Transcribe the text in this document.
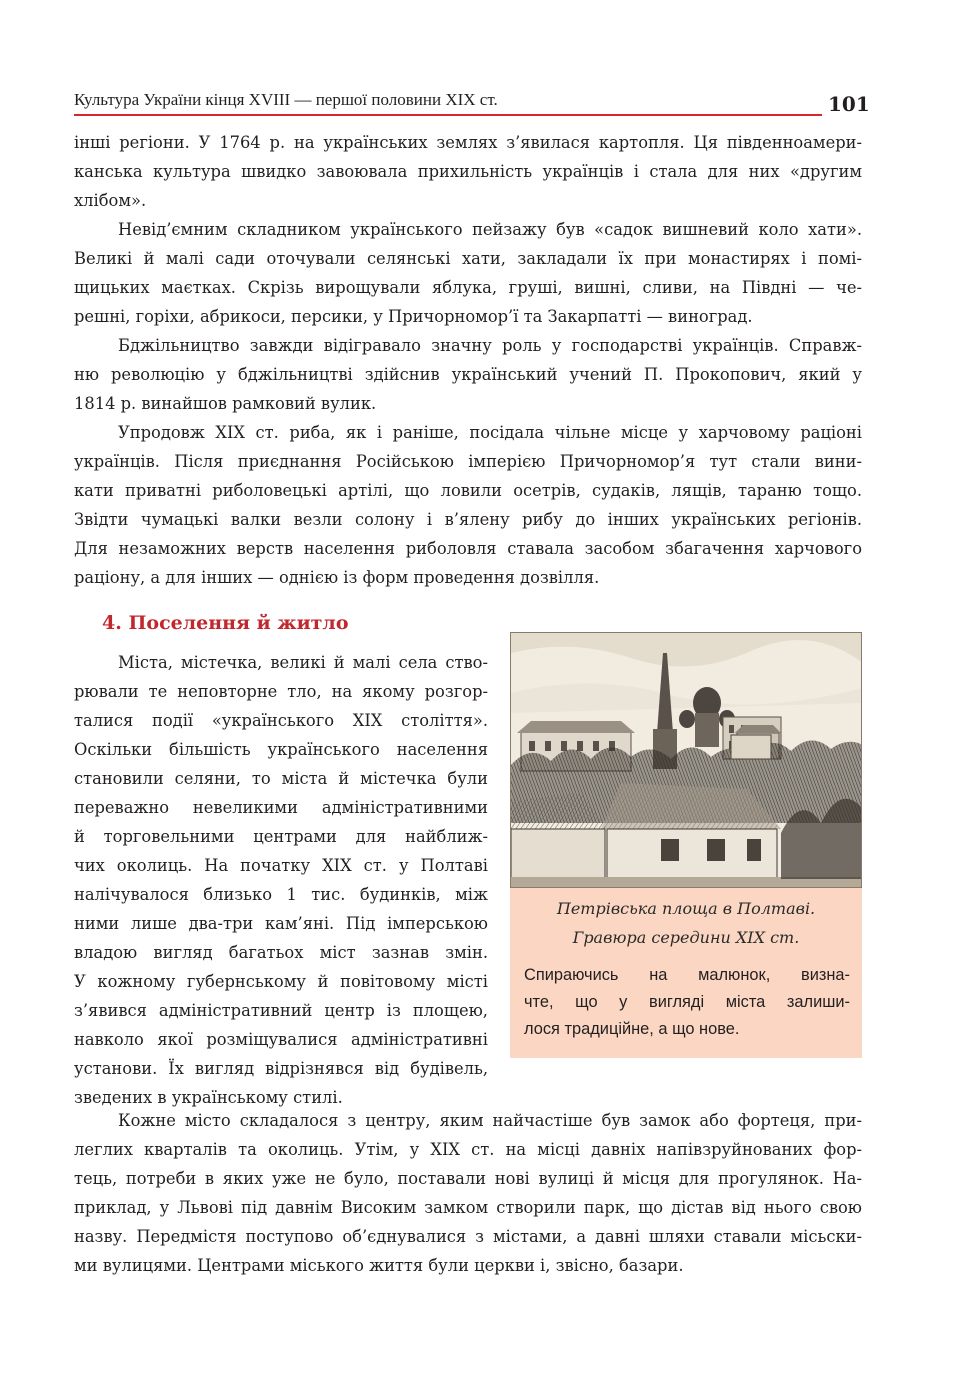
Культура України кінця XVIII — першої половини XIX ст.	101
інші регіони. У 1764 р. на українських землях з’явилася картопля. Ця південноамери-
канська культура швидко завоювала прихильність українців і стала для них «другим
хлібом».
Невід’ємним складником українського пейзажу був «садок вишневий коло хати».
Великі й малі сади оточували селянські хати, закладали їх при монастирях і помі-
щицьких маєтках. Скрізь вирощували яблука, груші, вишні, сливи, на Півдні — че-
решні, горіхи, абрикоси, персики, у Причорномор’ї та Закарпатті — виноград.
Бджільництво завжди відігравало значну роль у господарстві українців. Справж-
ню революцію у бджільництві здійснив український учений П. Прокопович, який у
1814 р. винайшов рамковий вулик.
Упродовж XIX ст. риба, як і раніше, посідала чільне місце у харчовому раціоні
українців. Після приєднання Російською імперією Причорномор’я тут стали вини-
кати приватні риболовецькі артілі, що ловили осетрів, судаків, лящів, тараню тощо.
Звідти чумацькі валки везли солону і в’ялену рибу до інших українських регіонів.
Для незаможних верств населення риболовля ставала засобом збагачення харчового
раціону, а для інших — однією із форм проведення дозвілля.
4. Поселення й житло
Міста, містечка, великі й малі села ство-
рювали те неповторне тло, на якому розгор-
талися події «українського XIX століття».
Оскільки більшість українського населення
становили селяни, то міста й містечка були
переважно невеликими адміністративними
й торговельними центрами для найближ-
чих околиць. На початку XIX ст. у Полтаві
налічувалося близько 1 тис. будинків, між
ними лише два-три кам’яні. Під імперською
владою вигляд багатьох міст зазнав змін.
У кожному губернському й повітовому місті
з’явився адміністративний центр із площею,
навколо якої розміщувалися адміністративні
установи. Їх вигляд відрізнявся від будівель,
зведених в українському стилі.
Петрівська площа в Полтаві.
Гравюра середини XIX ст.
Спираючись на малюнок, визна-
чте, що у вигляді міста залиши-
лося традиційне, а що нове.
Кожне місто складалося з центру, яким найчастіше був замок або фортеця, при-
леглих кварталів та околиць. Утім, у XIX ст. на місці давніх напівзруйнованих фор-
тець, потреби в яких уже не було, поставали нові вулиці й місця для прогулянок. На-
приклад, у Львові під давнім Високим замком створили парк, що дістав від нього свою
назву. Передмістя поступово об’єднувалися з містами, а давні шляхи ставали місьски-
ми вулицями. Центрами міського життя були церкви і, звісно, базари.
